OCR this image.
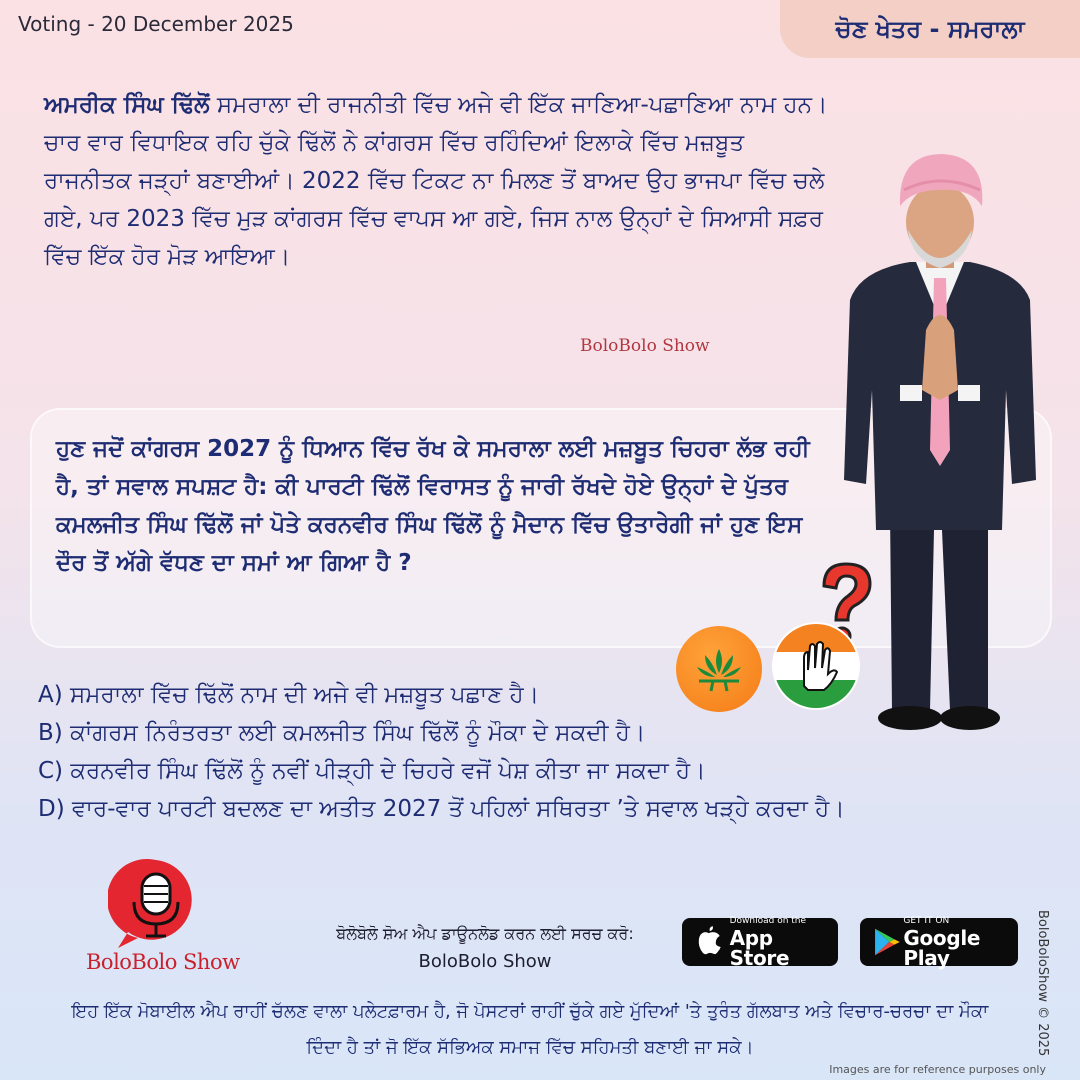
Voting - 20 December 2025	ਚੋਣ ਖੇਤਰ - ਸਮਰਾਲਾ
ਅਮਰੀਕ ਸਿੰਘ ਢਿੱਲੋਂ ਸਮਰਾਲਾ ਦੀ ਰਾਜਨੀਤੀ ਵਿੱਚ ਅਜੇ ਵੀ ਇੱਕ ਜਾਣਿਆ-ਪਛਾਣਿਆ ਨਾਮ ਹਨ। ਚਾਰ ਵਾਰ ਵਿਧਾਇਕ ਰਹਿ ਚੁੱਕੇ ਢਿੱਲੋਂ ਨੇ ਕਾਂਗਰਸ ਵਿੱਚ ਰਹਿੰਦਿਆਂ ਇਲਾਕੇ ਵਿੱਚ ਮਜ਼ਬੂਤ ਰਾਜਨੀਤਕ ਜੜ੍ਹਾਂ ਬਣਾਈਆਂ। 2022 ਵਿੱਚ ਟਿਕਟ ਨਾ ਮਿਲਣ ਤੋਂ ਬਾਅਦ ਉਹ ਭਾਜਪਾ ਵਿੱਚ ਚਲੇ ਗਏ, ਪਰ 2023 ਵਿੱਚ ਮੁੜ ਕਾਂਗਰਸ ਵਿੱਚ ਵਾਪਸ ਆ ਗਏ, ਜਿਸ ਨਾਲ ਉਨ੍ਹਾਂ ਦੇ ਸਿਆਸੀ ਸਫ਼ਰ ਵਿੱਚ ਇੱਕ ਹੋਰ ਮੋੜ ਆਇਆ।
BoloBolo Show
ਹੁਣ ਜਦੋਂ ਕਾਂਗਰਸ 2027 ਨੂੰ ਧਿਆਨ ਵਿੱਚ ਰੱਖ ਕੇ ਸਮਰਾਲਾ ਲਈ ਮਜ਼ਬੂਤ ਚਿਹਰਾ ਲੱਭ ਰਹੀ ਹੈ, ਤਾਂ ਸਵਾਲ ਸਪਸ਼ਟ ਹੈ: ਕੀ ਪਾਰਟੀ ਢਿੱਲੋਂ ਵਿਰਾਸਤ ਨੂੰ ਜਾਰੀ ਰੱਖਦੇ ਹੋਏ ਉਨ੍ਹਾਂ ਦੇ ਪੁੱਤਰ ਕਮਲਜੀਤ ਸਿੰਘ ਢਿੱਲੋਂ ਜਾਂ ਪੋਤੇ ਕਰਨਵੀਰ ਸਿੰਘ ਢਿੱਲੋਂ ਨੂੰ ਮੈਦਾਨ ਵਿੱਚ ਉਤਾਰੇਗੀ ਜਾਂ ਹੁਣ ਇਸ ਦੌਰ ਤੋਂ ਅੱਗੇ ਵੱਧਣ ਦਾ ਸਮਾਂ ਆ ਗਿਆ ਹੈ ?
A) ਸਮਰਾਲਾ ਵਿੱਚ ਢਿੱਲੋਂ ਨਾਮ ਦੀ ਅਜੇ ਵੀ ਮਜ਼ਬੂਤ ਪਛਾਣ ਹੈ।
B) ਕਾਂਗਰਸ ਨਿਰੰਤਰਤਾ ਲਈ ਕਮਲਜੀਤ ਸਿੰਘ ਢਿੱਲੋਂ ਨੂੰ ਮੌਕਾ ਦੇ ਸਕਦੀ ਹੈ।
C) ਕਰਨਵੀਰ ਸਿੰਘ ਢਿੱਲੋਂ ਨੂੰ ਨਵੀਂ ਪੀੜ੍ਹੀ ਦੇ ਚਿਹਰੇ ਵਜੋਂ ਪੇਸ਼ ਕੀਤਾ ਜਾ ਸਕਦਾ ਹੈ।
D) ਵਾਰ-ਵਾਰ ਪਾਰਟੀ ਬਦਲਣ ਦਾ ਅਤੀਤ 2027 ਤੋਂ ਪਹਿਲਾਂ ਸਥਿਰਤਾ ’ਤੇ ਸਵਾਲ ਖੜ੍ਹੇ ਕਰਦਾ ਹੈ।
BoloBolo Show
ਬੋਲੋਬੋਲੋ ਸ਼ੋਅ ਐਪ ਡਾਊਨਲੋਡ ਕਰਨ ਲਈ ਸਰਚ ਕਰੋ:
BoloBolo Show
Download on the
App Store
GET IT ON
Google Play
ਇਹ ਇੱਕ ਮੋਬਾਈਲ ਐਪ ਰਾਹੀਂ ਚੱਲਣ ਵਾਲਾ ਪਲੇਟਫ਼ਾਰਮ ਹੈ, ਜੋ ਪੋਸਟਰਾਂ ਰਾਹੀਂ ਚੁੱਕੇ ਗਏ ਮੁੱਦਿਆਂ 'ਤੇ ਤੁਰੰਤ ਗੱਲਬਾਤ ਅਤੇ ਵਿਚਾਰ-ਚਰਚਾ ਦਾ ਮੌਕਾ ਦਿੰਦਾ ਹੈ ਤਾਂ ਜੋ ਇੱਕ ਸੱਭਿਅਕ ਸਮਾਜ ਵਿੱਚ ਸਹਿਮਤੀ ਬਣਾਈ ਜਾ ਸਕੇ।	BoloBoloShow © 2025
Images are for reference purposes only
